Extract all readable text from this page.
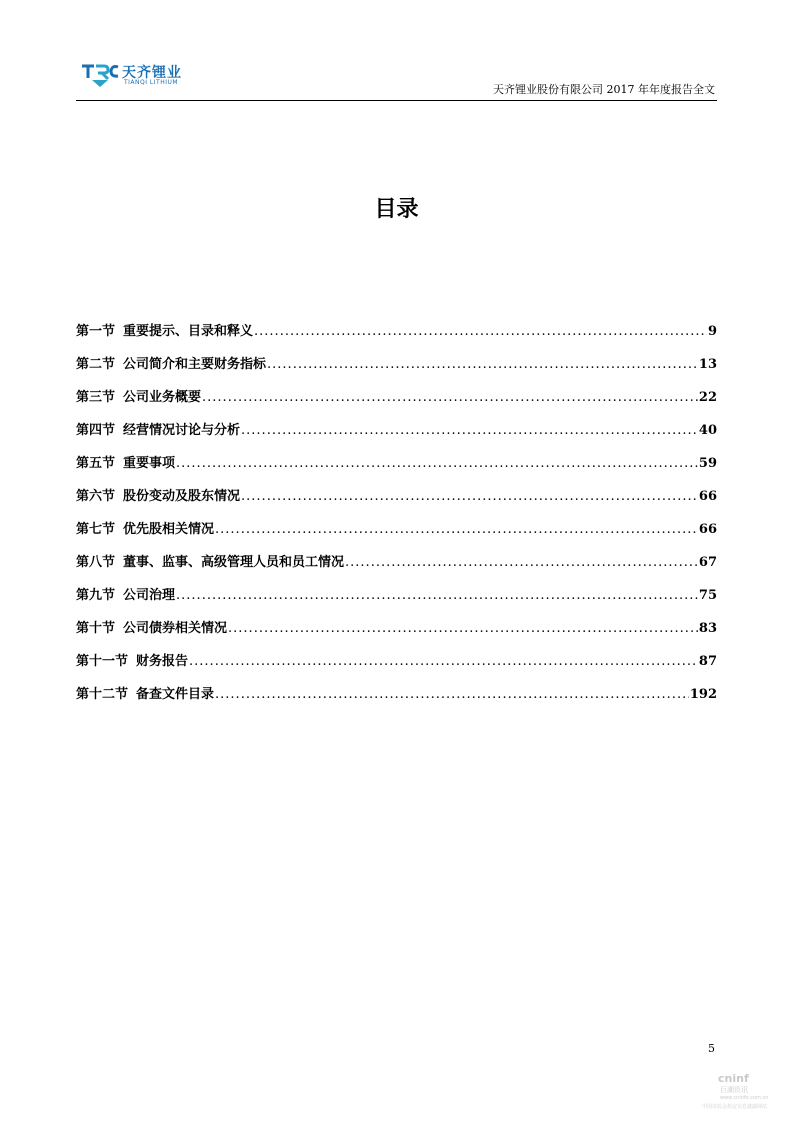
天齐锂业
TIANQI LITHIUM
天齐锂业股份有限公司 2017 年年度报告全文
目录
第一节 重要提示、目录和释义 .....	9
第二节 公司简介和主要财务指标 .....	13
第三节 公司业务概要 .....	22
第四节 经营情况讨论与分析 .....	40
第五节 重要事项 .....	59
第六节 股份变动及股东情况 .....	66
第七节 优先股相关情况 .....	66
第八节 董事、监事、高级管理人员和员工情况 .....	67
第九节 公司治理 .....	75
第十节 公司债券相关情况 .....	83
第十一节 财务报告 .....	87
第十二节 备查文件目录 .....	192
5
cninf
巨潮资讯
www.cninfo.com.cn
中国证监会指定信息披露网站
